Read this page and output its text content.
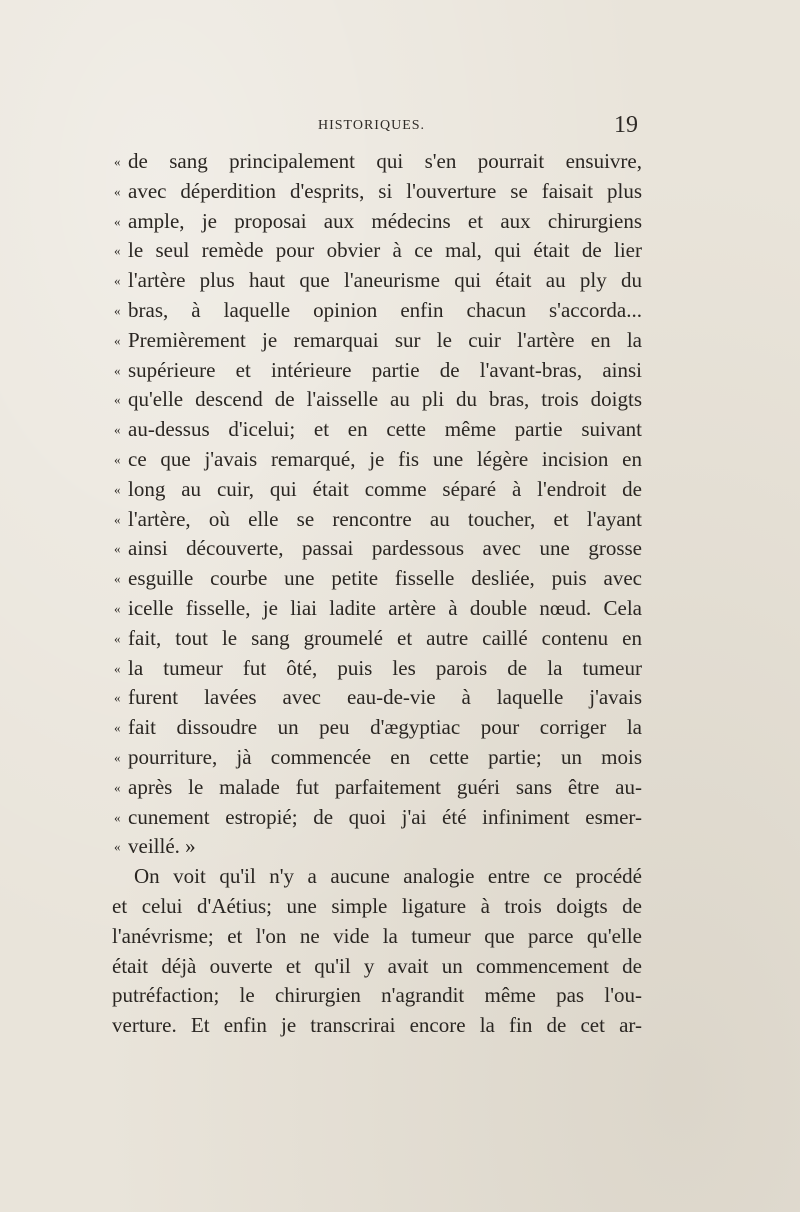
HISTORIQUES.	19
« de sang principalement qui s'en pourrait ensuivre,
« avec déperdition d'esprits, si l'ouverture se faisait plus
« ample, je proposai aux médecins et aux chirurgiens
« le seul remède pour obvier à ce mal, qui était de lier
« l'artère plus haut que l'aneurisme qui était au ply du
« bras, à laquelle opinion enfin chacun s'accorda...
« Premièrement je remarquai sur le cuir l'artère en la
« supérieure et intérieure partie de l'avant-bras, ainsi
« qu'elle descend de l'aisselle au pli du bras, trois doigts
« au-dessus d'icelui; et en cette même partie suivant
« ce que j'avais remarqué, je fis une légère incision en
« long au cuir, qui était comme séparé à l'endroit de
« l'artère, où elle se rencontre au toucher, et l'ayant
« ainsi découverte, passai pardessous avec une grosse
« esguille courbe une petite fisselle desliée, puis avec
« icelle fisselle, je liai ladite artère à double nœud. Cela
« fait, tout le sang groumelé et autre caillé contenu en
« la tumeur fut ôté, puis les parois de la tumeur
« furent lavées avec eau-de-vie à laquelle j'avais
« fait dissoudre un peu d'ægyptiac pour corriger la
« pourriture, jà commencée en cette partie; un mois
« après le malade fut parfaitement guéri sans être au-
« cunement estropié; de quoi j'ai été infiniment esmer-
« veillé. »
On voit qu'il n'y a aucune analogie entre ce procédé
et celui d'Aétius; une simple ligature à trois doigts de
l'anévrisme; et l'on ne vide la tumeur que parce qu'elle
était déjà ouverte et qu'il y avait un commencement de
putréfaction; le chirurgien n'agrandit même pas l'ou-
verture. Et enfin je transcrirai encore la fin de cet ar-
